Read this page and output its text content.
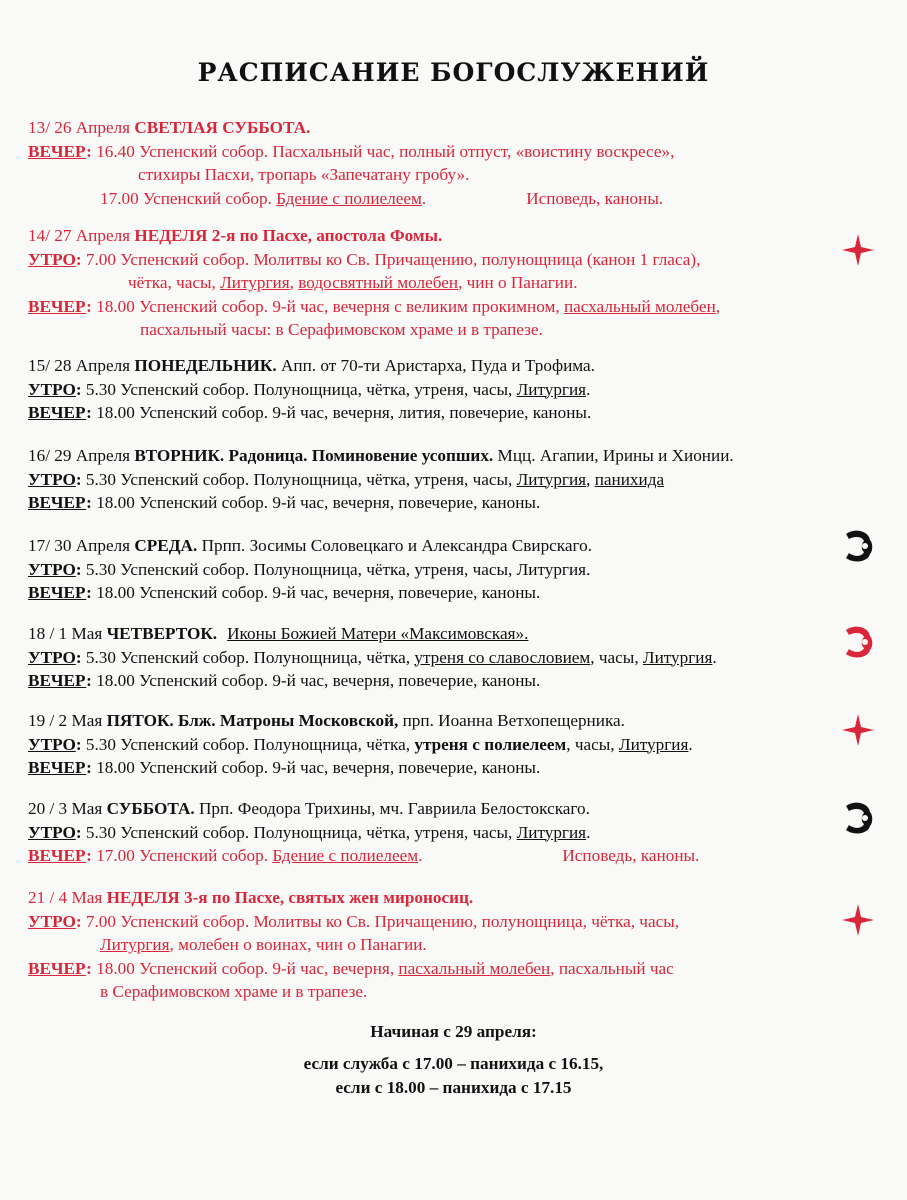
РАСПИСАНИЕ БОГОСЛУЖЕНИЙ
13/ 26 Апреля СВЕТЛАЯ СУББОТА.
ВЕЧЕР: 16.40 Успенский собор. Пасхальный час, полный отпуст, «воистину воскресе»,
стихиры Пасхи, тропарь «Запечатану гробу».
17.00 Успенский собор. Бдение с полиелеем.	Исповедь, каноны.
14/ 27 Апреля НЕДЕЛЯ 2-я по Пасхе, апостола Фомы.
УТРО: 7.00 Успенский собор. Молитвы ко Св. Причащению, полунощница (канон 1 гласа),
чётка, часы, Литургия, водосвятный молебен, чин о Панагии.
ВЕЧЕР: 18.00 Успенский собор. 9-й час, вечерня с великим прокимном, пасхальный молебен,
пасхальный часы: в Серафимовском храме и в трапезе.
15/ 28 Апреля ПОНЕДЕЛЬНИК. Апп. от 70-ти Аристарха, Пуда и Трофима.
УТРО: 5.30 Успенский собор. Полунощница, чётка, утреня, часы, Литургия.
ВЕЧЕР: 18.00 Успенский собор. 9-й час, вечерня, лития, повечерие, каноны.
16/ 29 Апреля ВТОРНИК. Радоница. Поминовение усопших. Мцц. Агапии, Ирины и Хионии.
УТРО: 5.30 Успенский собор. Полунощница, чётка, утреня, часы, Литургия, панихида
ВЕЧЕР: 18.00 Успенский собор. 9-й час, вечерня, повечерие, каноны.
17/ 30 Апреля СРЕДА. Прпп. Зосимы Соловецкаго и Александра Свирскаго.
УТРО: 5.30 Успенский собор. Полунощница, чётка, утреня, часы, Литургия.
ВЕЧЕР: 18.00 Успенский собор. 9-й час, вечерня, повечерие, каноны.
18 / 1 Мая ЧЕТВЕРТОК. Иконы Божией Матери «Максимовская».
УТРО: 5.30 Успенский собор. Полунощница, чётка, утреня со славословием, часы, Литургия.
ВЕЧЕР: 18.00 Успенский собор. 9-й час, вечерня, повечерие, каноны.
19 / 2 Мая ПЯТОК. Блж. Матроны Московской, прп. Иоанна Ветхопещерника.
УТРО: 5.30 Успенский собор. Полунощница, чётка, утреня с полиелеем, часы, Литургия.
ВЕЧЕР: 18.00 Успенский собор. 9-й час, вечерня, повечерие, каноны.
20 / 3 Мая СУББОТА. Прп. Феодора Трихины, мч. Гавриила Белостокскаго.
УТРО: 5.30 Успенский собор. Полунощница, чётка, утреня, часы, Литургия.
ВЕЧЕР: 17.00 Успенский собор. Бдение с полиелеем.	Исповедь, каноны.
21 / 4 Мая НЕДЕЛЯ 3-я по Пасхе, святых жен мироносиц.
УТРО: 7.00 Успенский собор. Молитвы ко Св. Причащению, полунощница, чётка, часы,
Литургия, молебен о воинах, чин о Панагии.
ВЕЧЕР: 18.00 Успенский собор. 9-й час, вечерня, пасхальный молебен, пасхальный час
в Серафимовском храме и в трапезе.
Начиная с 29 апреля:
если служба с 17.00 – панихида с 16.15,
если с 18.00 – панихида с 17.15
